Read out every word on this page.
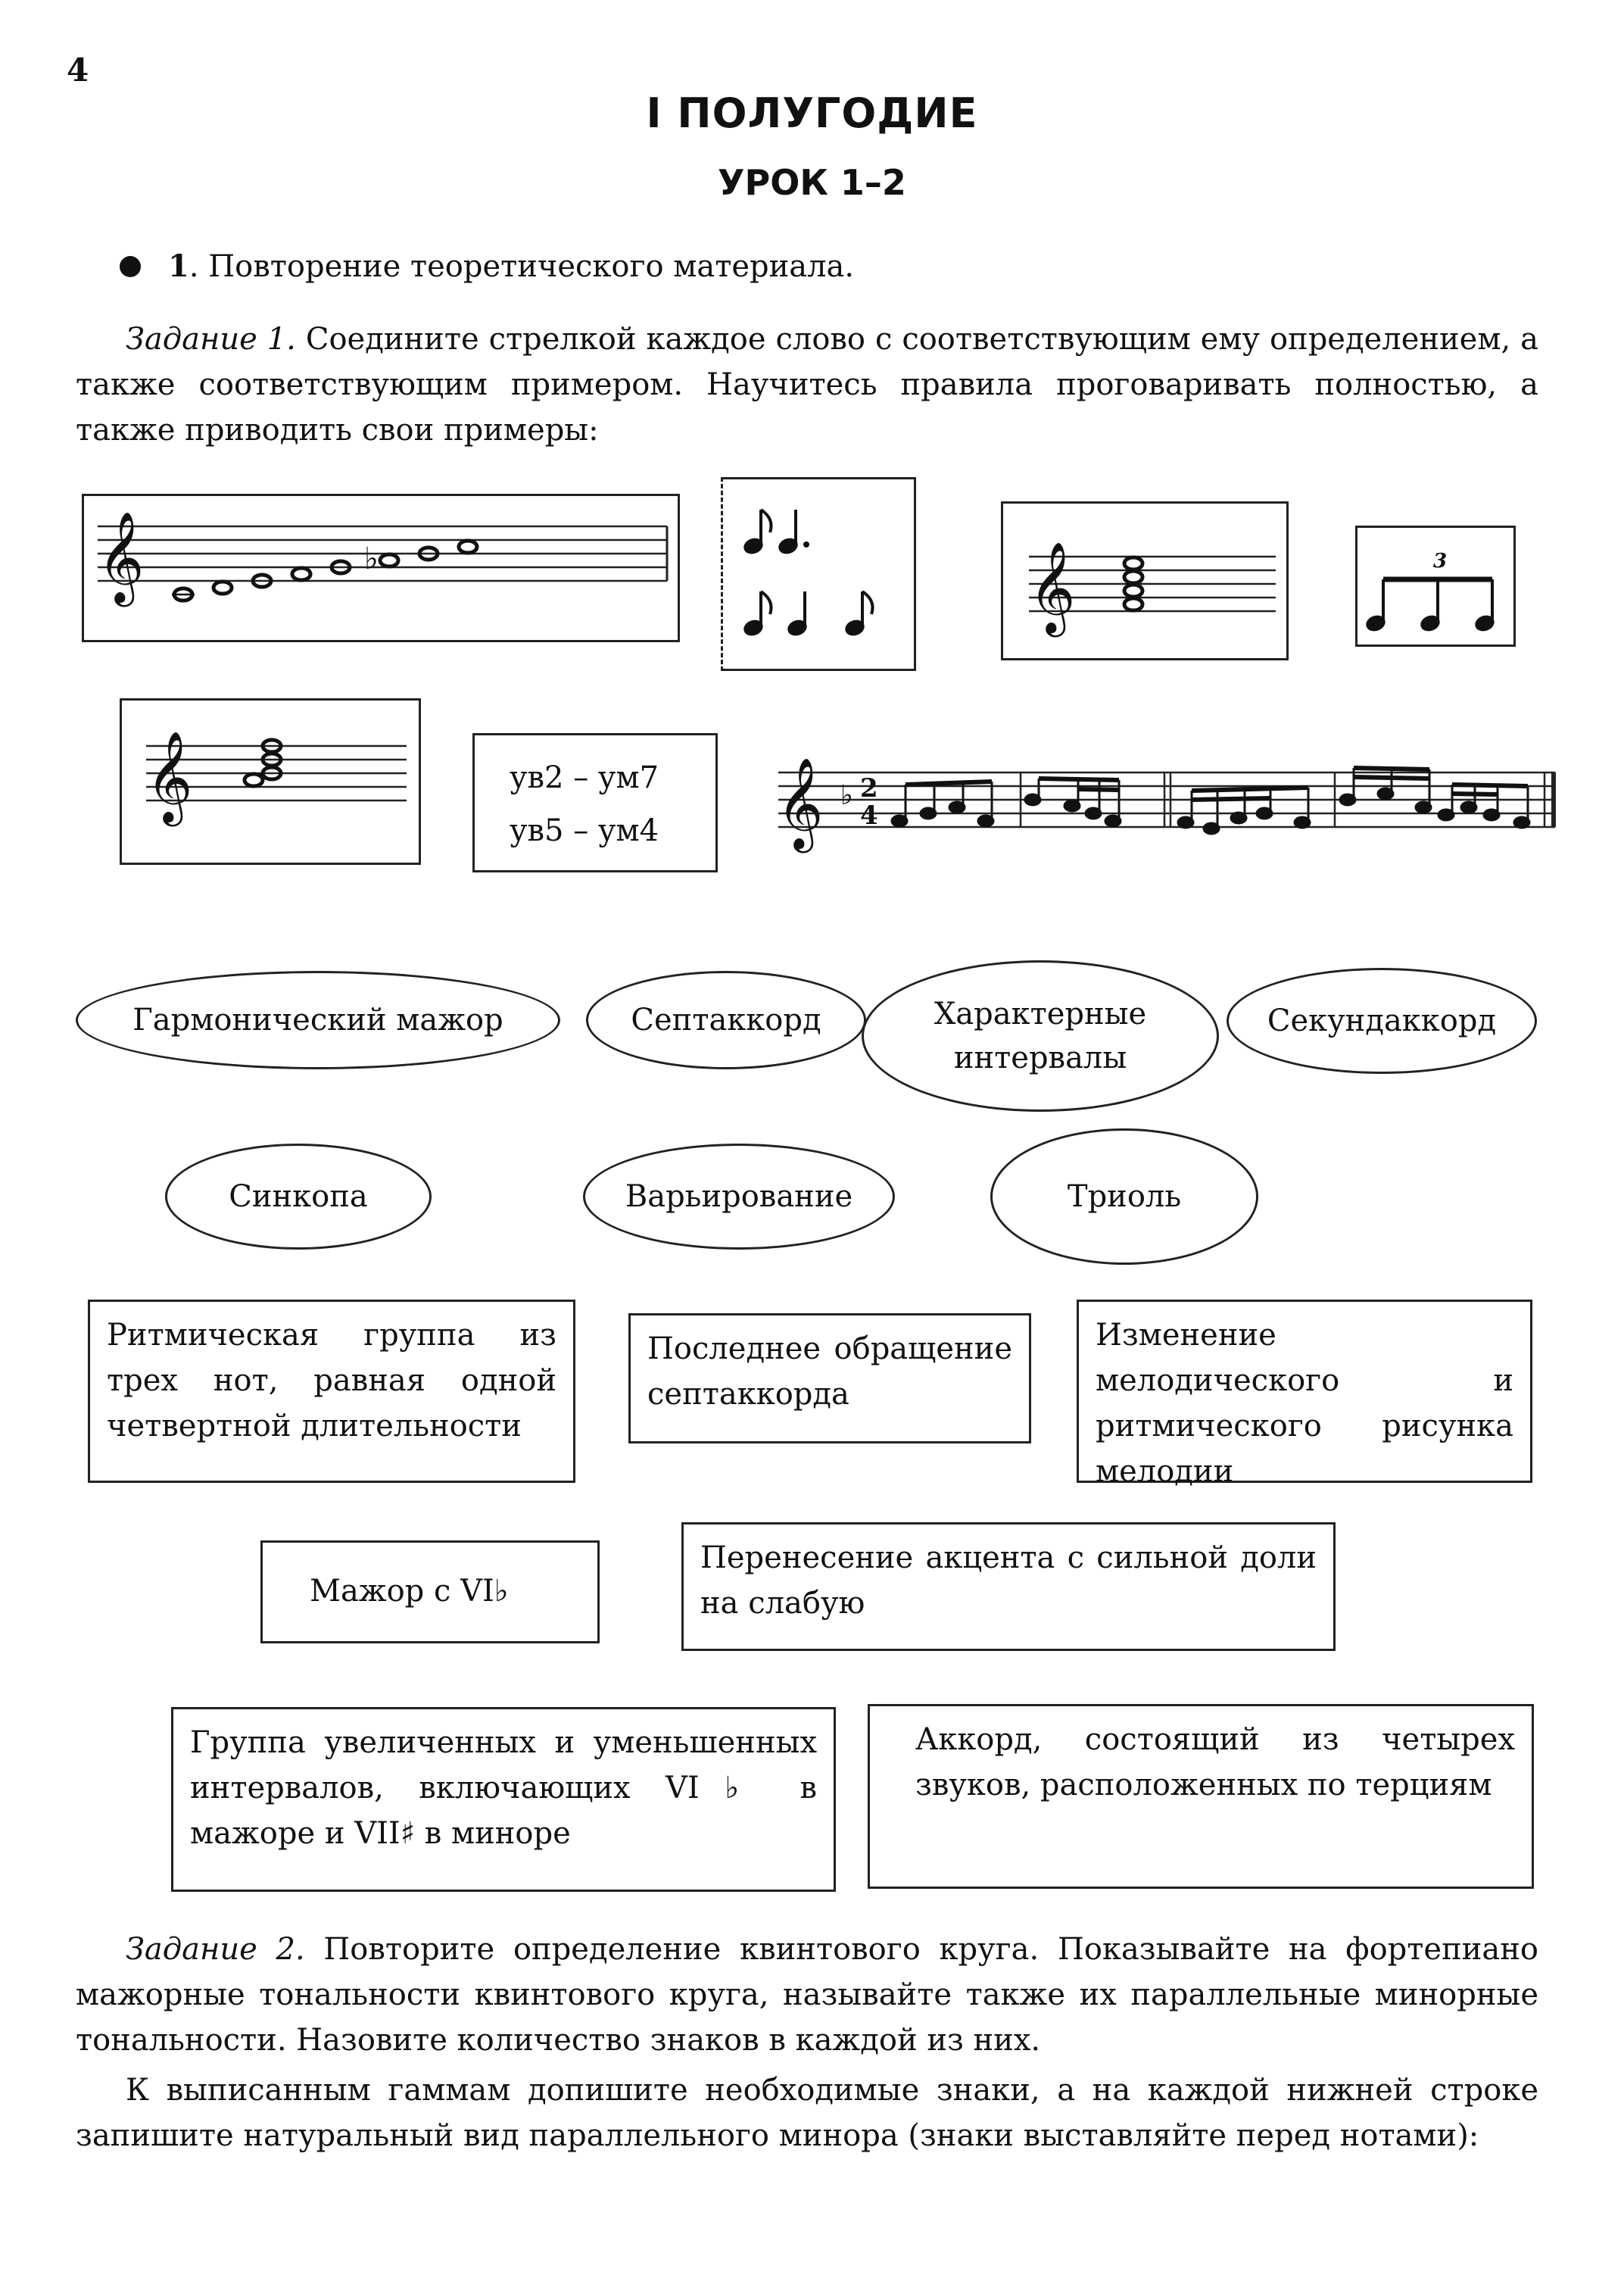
4
I ПОЛУГОДИЕ
УРОК 1–2
1. Повторение теоретического материала.
Задание 1. Соедините стрелкой каждое слово с соответствующим ему определением, а также соответствующим примером. Научитесь правила проговаривать полностью, а также приводить свои примеры:
𝄞	♭	𝄞	3
𝄞	ув2 – ум7
ув5 – ум4 𝄞 ♭ 2
4
Гармонический мажор	Септаккорд	Характерные интервалы
Секундаккорд
Синкопа	Варьирование	Триоль
Ритмическая группа из трех нот, равная одной четвертной длительности
Последнее обращение септаккорда
Изменение мелодического и ритмического рисунка мелодии
Мажор с VI♭
Перенесение акцента с сильной доли на слабую
Группа увеличенных и уменьшенных интервалов, включающих VI♭ в мажоре и VII♯ в миноре
Аккорд, состоящий из четырех звуков, расположенных по терциям
Задание 2. Повторите определение квинтового круга. Показывайте на фортепиано мажорные тональности квинтового круга, называйте также их параллельные минорные тональности. Назовите количество знаков в каждой из них.
К выписанным гаммам допишите необходимые знаки, а на каждой нижней строке запишите натуральный вид параллельного минора (знаки выставляйте перед нотами):
